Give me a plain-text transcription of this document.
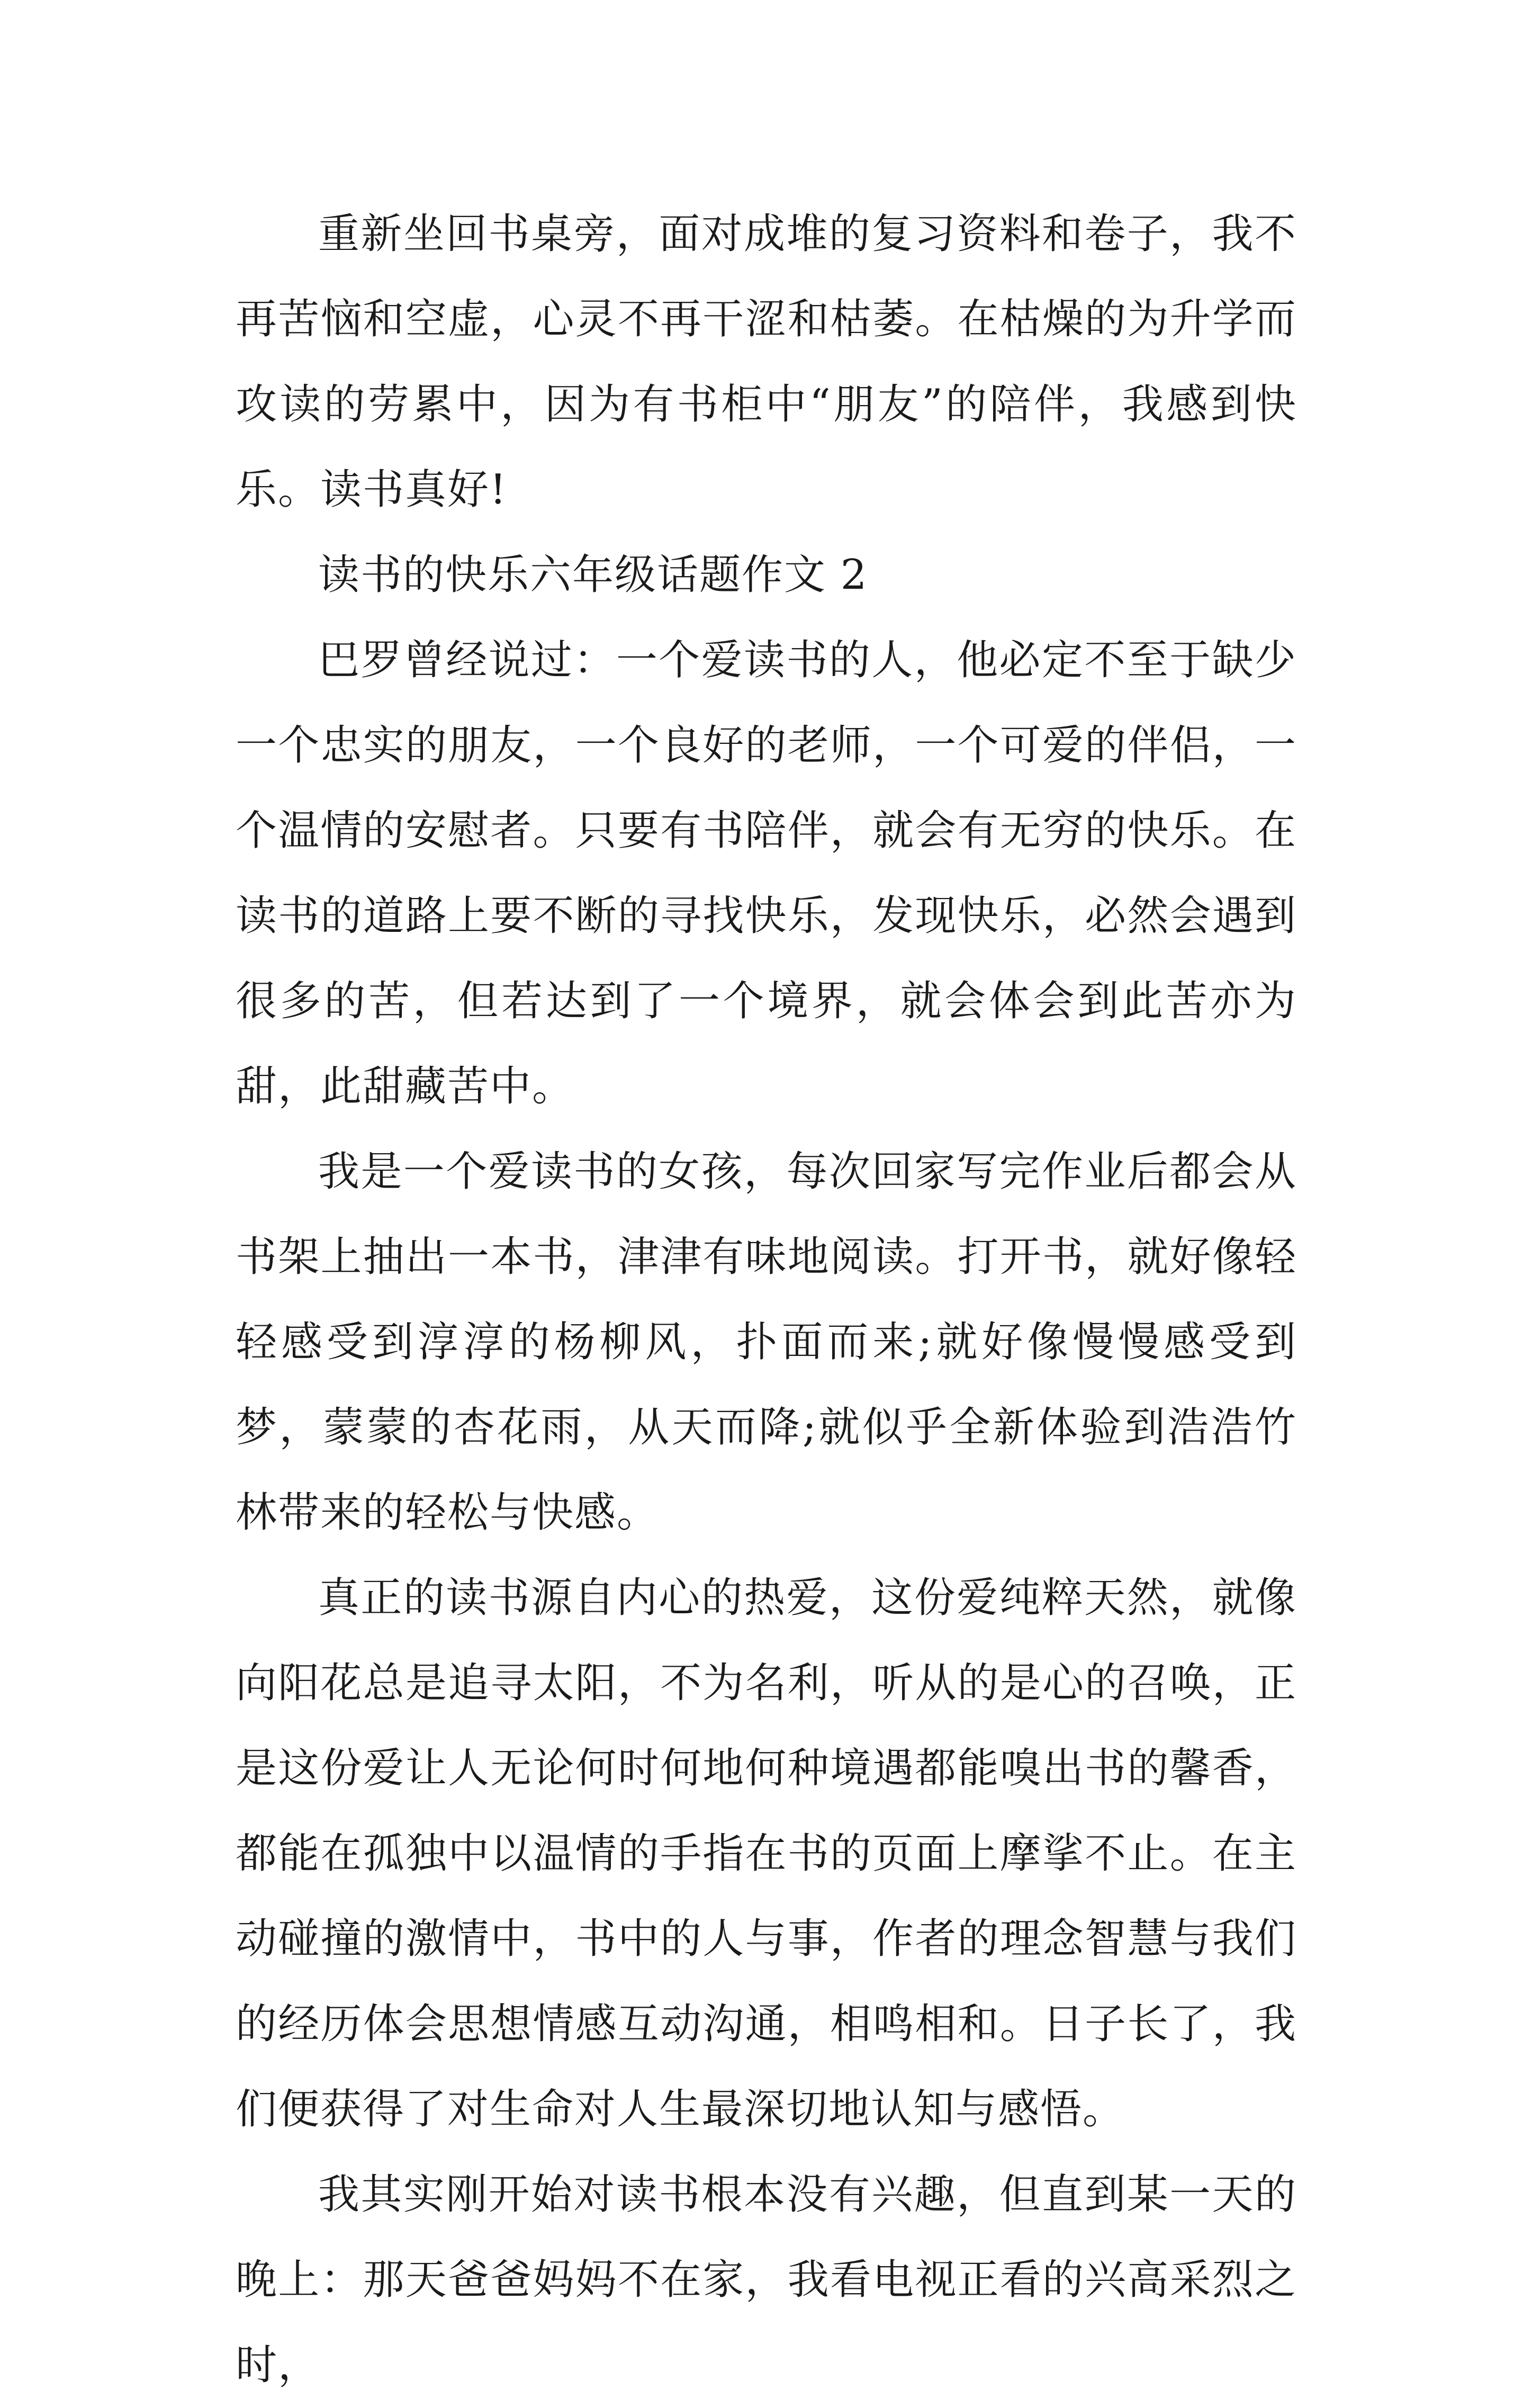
重新坐回书桌旁，面对成堆的复习资料和卷子，我不再苦恼和空虚，心灵不再干涩和枯萎。在枯燥的为升学而攻读的劳累中，因为有书柜中“朋友”的陪伴，我感到快乐。读书真好!

读书的快乐六年级话题作文 2

巴罗曾经说过：一个爱读书的人，他必定不至于缺少一个忠实的朋友，一个良好的老师，一个可爱的伴侣，一个温情的安慰者。只要有书陪伴，就会有无穷的快乐。在读书的道路上要不断的寻找快乐，发现快乐，必然会遇到很多的苦，但若达到了一个境界，就会体会到此苦亦为甜，此甜藏苦中。

我是一个爱读书的女孩，每次回家写完作业后都会从书架上抽出一本书，津津有味地阅读。打开书，就好像轻轻感受到淳淳的杨柳风，扑面而来;就好像慢慢感受到梦，蒙蒙的杏花雨，从天而降;就似乎全新体验到浩浩竹林带来的轻松与快感。

真正的读书源自内心的热爱，这份爱纯粹天然，就像向阳花总是追寻太阳，不为名利，听从的是心的召唤，正是这份爱让人无论何时何地何种境遇都能嗅出书的馨香，都能在孤独中以温情的手指在书的页面上摩挲不止。在主动碰撞的激情中，书中的人与事，作者的理念智慧与我们的经历体会思想情感互动沟通，相鸣相和。日子长了，我们便获得了对生命对人生最深切地认知与感悟。

我其实刚开始对读书根本没有兴趣，但直到某一天的晚上：那天爸爸妈妈不在家，我看电视正看的兴高采烈之时，
